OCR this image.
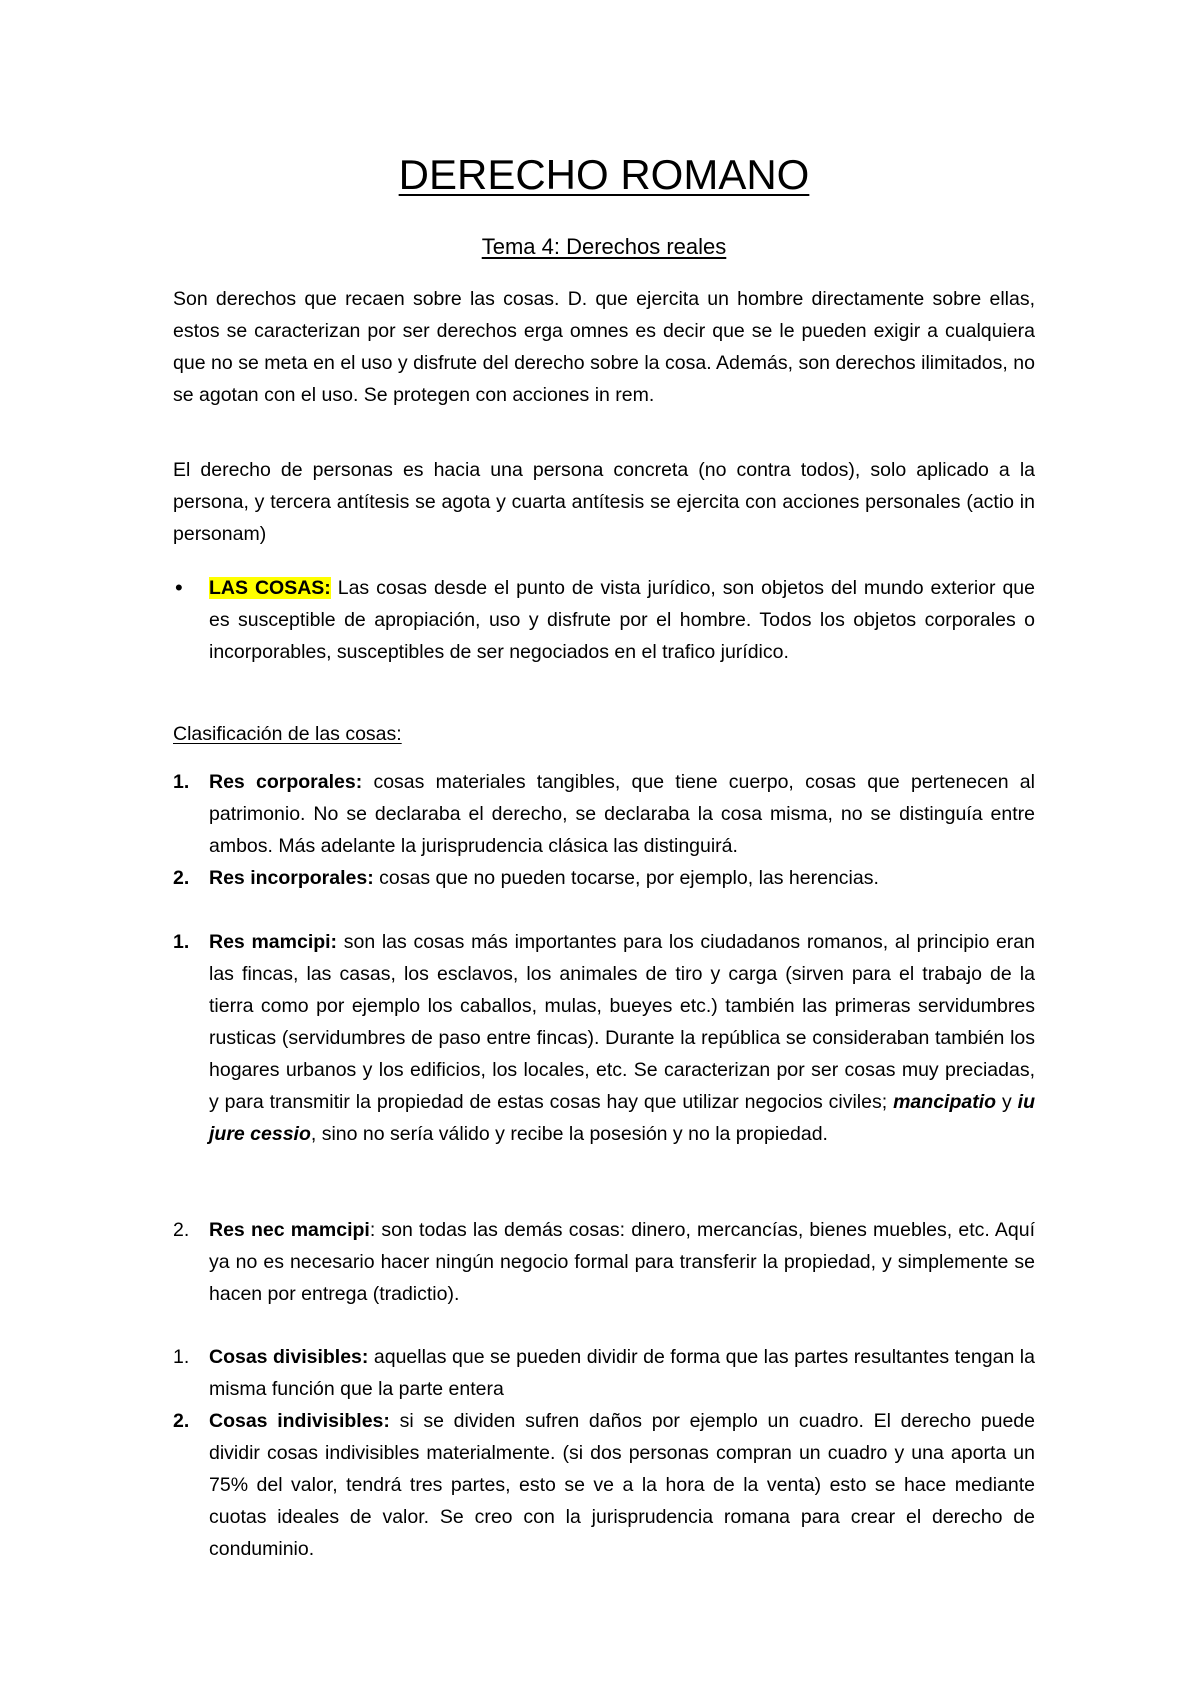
DERECHO ROMANO
Tema 4: Derechos reales

Son derechos que recaen sobre las cosas. D. que ejercita un hombre directamente sobre ellas, estos se caracterizan por ser derechos erga omnes es decir que se le pueden exigir a cualquiera que no se meta en el uso y disfrute del derecho sobre la cosa. Además, son derechos ilimitados, no se agotan con el uso. Se protegen con acciones in rem.

El derecho de personas es hacia una persona concreta (no contra todos), solo aplicado a la persona, y tercera antítesis se agota y cuarta antítesis se ejercita con acciones personales (actio in personam)

•	LAS COSAS: Las cosas desde el punto de vista jurídico, son objetos del mundo exterior que es susceptible de apropiación, uso y disfrute por el hombre. Todos los objetos corporales o incorporables, susceptibles de ser negociados en el trafico jurídico.
Clasificación de las cosas:
1.	Res corporales: cosas materiales tangibles, que tiene cuerpo, cosas que pertenecen al patrimonio. No se declaraba el derecho, se declaraba la cosa misma, no se distinguía entre ambos. Más adelante la jurisprudencia clásica las distinguirá.
2.	Res incorporales: cosas que no pueden tocarse, por ejemplo, las herencias.
1.	Res mamcipi: son las cosas más importantes para los ciudadanos romanos, al principio eran las fincas, las casas, los esclavos, los animales de tiro y carga (sirven para el trabajo de la tierra como por ejemplo los caballos, mulas, bueyes etc.) también las primeras servidumbres rusticas (servidumbres de paso entre fincas). Durante la república se consideraban también los hogares urbanos y los edificios, los locales, etc. Se caracterizan por ser cosas muy preciadas, y para transmitir la propiedad de estas cosas hay que utilizar negocios civiles; mancipatio y iu jure cessio, sino no sería válido y recibe la posesión y no la propiedad.
2.	Res nec mamcipi: son todas las demás cosas: dinero, mercancías, bienes muebles, etc. Aquí ya no es necesario hacer ningún negocio formal para transferir la propiedad, y simplemente se hacen por entrega (tradictio).
1.	Cosas divisibles: aquellas que se pueden dividir de forma que las partes resultantes tengan la misma función que la parte entera
2.	Cosas indivisibles: si se dividen sufren daños por ejemplo un cuadro. El derecho puede dividir cosas indivisibles materialmente. (si dos personas compran un cuadro y una aporta un 75% del valor, tendrá tres partes, esto se ve a la hora de la venta) esto se hace mediante cuotas ideales de valor. Se creo con la jurisprudencia romana para crear el derecho de conduminio.
